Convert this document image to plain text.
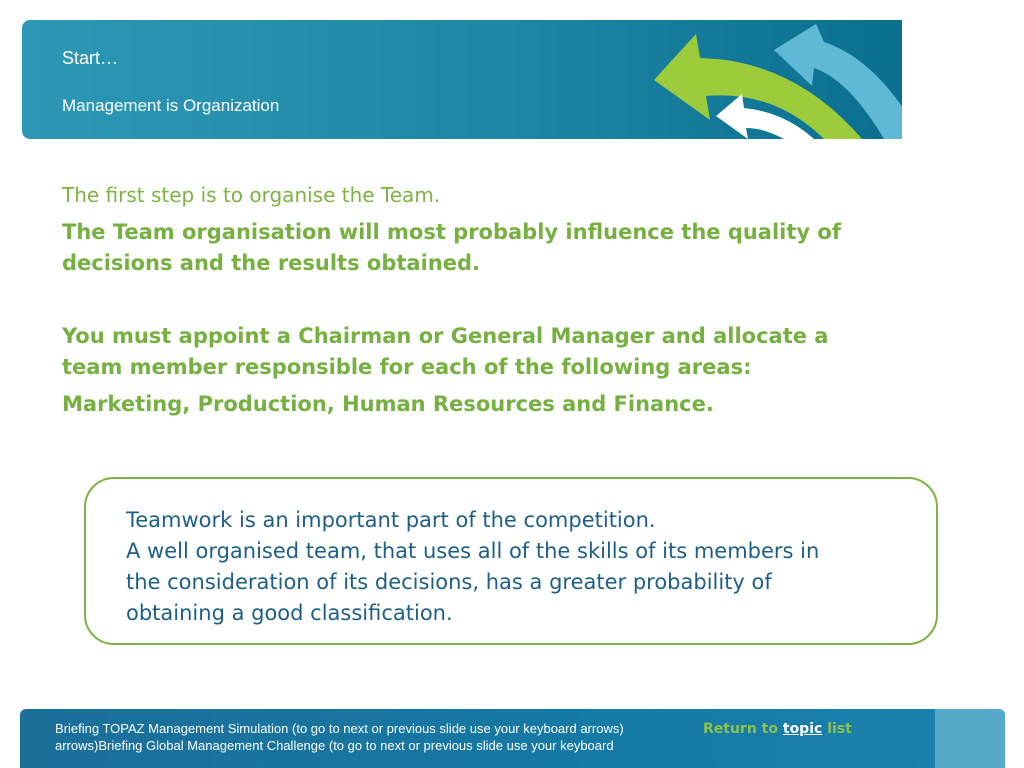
Start…
Management is Organization
The first step is to organise the Team.
The Team organisation will most probably influence the quality of
decisions and the results obtained.
You must appoint a Chairman or General Manager and allocate a
team member responsible for each of the following areas:
Marketing, Production, Human Resources and Finance.
Teamwork is an important part of the competition.
A well organised team, that uses all of the skills of its members in
the consideration of its decisions, has a greater probability of
obtaining a good classification.
Briefing TOPAZ Management Simulation (to go to next or previous slide use your keyboard arrows)
arrows)Briefing Global Management Challenge (to go to next or previous slide use your keyboard
Return to topic list
